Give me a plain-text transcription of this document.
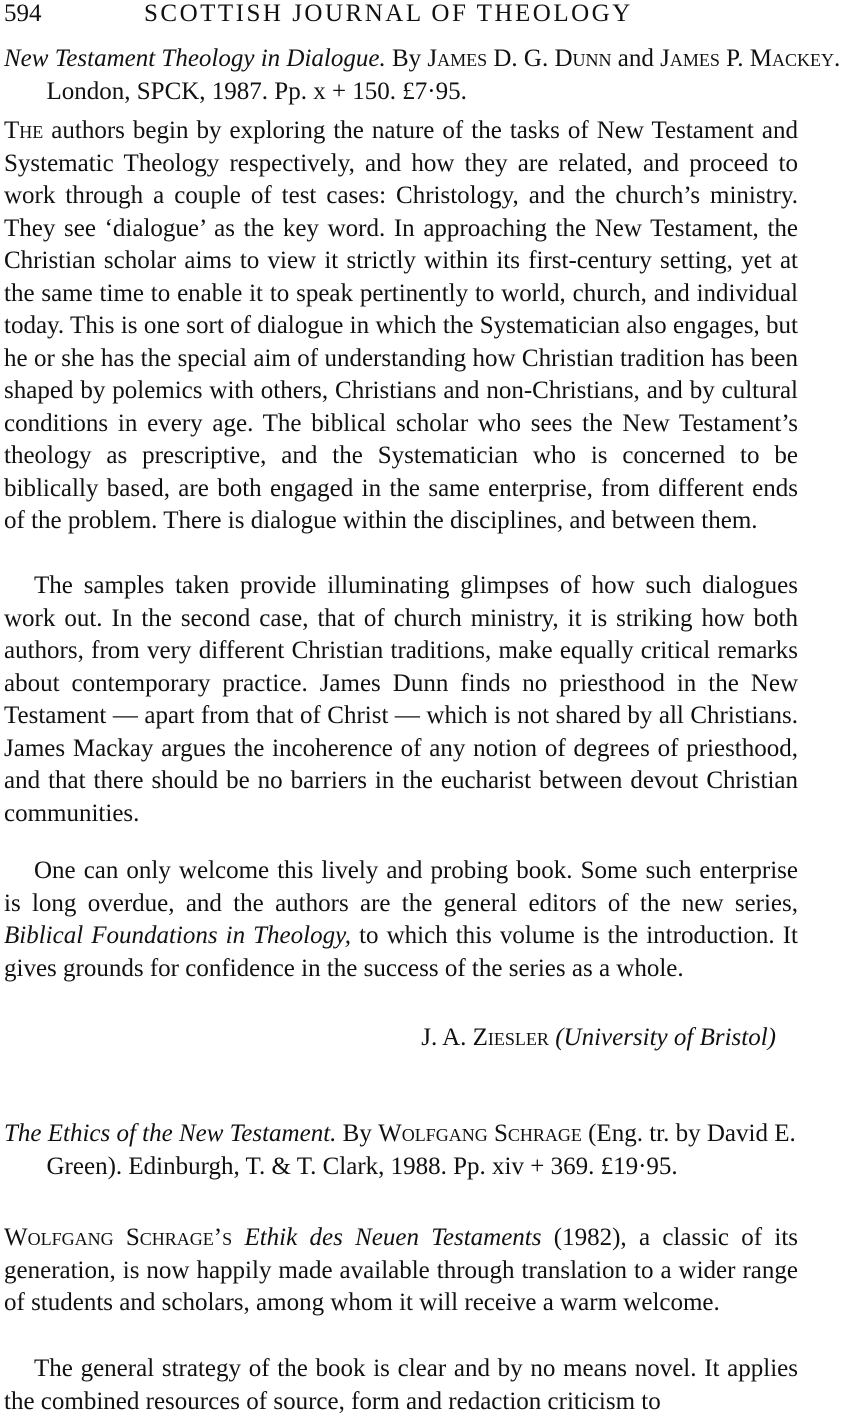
594	SCOTTISH JOURNAL OF THEOLOGY
New Testament Theology in Dialogue. By James D. G. Dunn and James P. Mackey. London, SPCK, 1987. Pp. x + 150. £7·95.
The authors begin by exploring the nature of the tasks of New Testament and Systematic Theology respectively, and how they are related, and proceed to work through a couple of test cases: Christology, and the church’s ministry. They see ‘dialogue’ as the key word. In approaching the New Testament, the Christian scholar aims to view it strictly within its first-century setting, yet at the same time to enable it to speak pertinently to world, church, and individual today. This is one sort of dialogue in which the Systematician also engages, but he or she has the special aim of understanding how Christian tradition has been shaped by polemics with others, Christians and non-Christians, and by cultural conditions in every age. The biblical scholar who sees the New Testament’s theology as prescriptive, and the Systematician who is concerned to be biblically based, are both engaged in the same enterprise, from different ends of the problem. There is dialogue within the disciplines, and between them.
The samples taken provide illuminating glimpses of how such dialogues work out. In the second case, that of church ministry, it is striking how both authors, from very different Christian traditions, make equally critical remarks about contemporary practice. James Dunn finds no priesthood in the New Testament — apart from that of Christ — which is not shared by all Christians. James Mackay argues the incoherence of any notion of degrees of priesthood, and that there should be no barriers in the eucharist between devout Christian communities.
One can only welcome this lively and probing book. Some such enterprise is long overdue, and the authors are the general editors of the new series, Biblical Foundations in Theology, to which this volume is the introduction. It gives grounds for confidence in the success of the series as a whole.
J. A. Ziesler (University of Bristol)
The Ethics of the New Testament. By Wolfgang Schrage (Eng. tr. by David E. Green). Edinburgh, T. & T. Clark, 1988. Pp. xiv + 369. £19·95.
Wolfgang Schrage’s Ethik des Neuen Testaments (1982), a classic of its generation, is now happily made available through translation to a wider range of students and scholars, among whom it will receive a warm welcome.
The general strategy of the book is clear and by no means novel. It applies the combined resources of source, form and redaction criticism to
